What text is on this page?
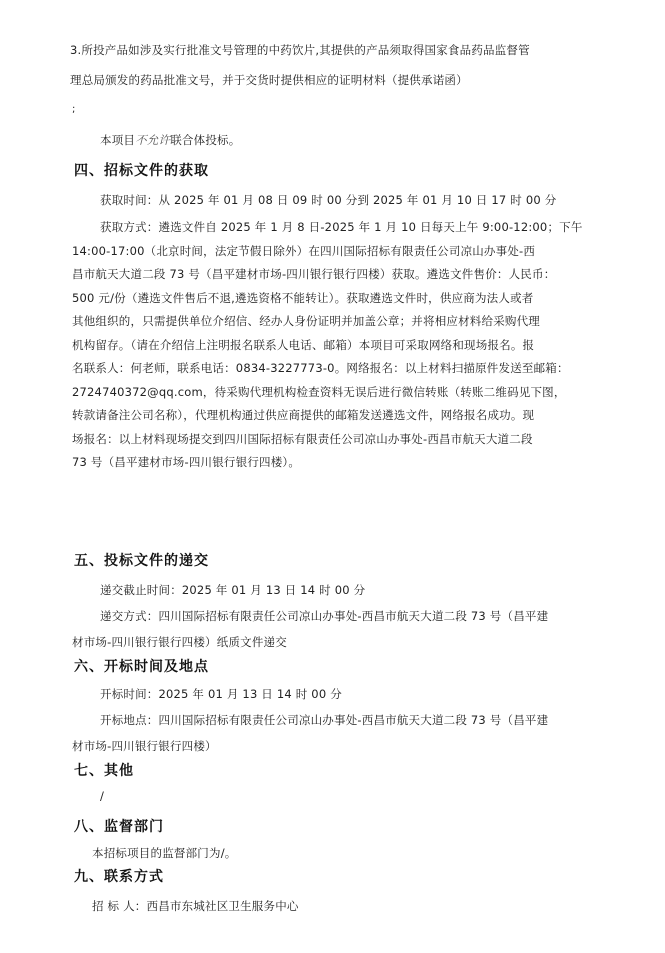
3.所投产品如涉及实行批准文号管理的中药饮片,其提供的产品须取得国家食品药品监督管

理总局颁发的药品批准文号，并于交货时提供相应的证明材料（提供承诺函）

;

本项目不允许联合体投标。

四、招标文件的获取

获取时间：从 2025 年 01 月 08 日 09 时 00 分到 2025 年 01 月 10 日 17 时 00 分

获取方式：遴选文件自 2025 年 1 月 8 日-2025 年 1 月 10 日每天上午 9:00-12:00；下午

14:00-17:00（北京时间，法定节假日除外）在四川国际招标有限责任公司凉山办事处-西

昌市航天大道二段 73 号（昌平建材市场-四川银行银行四楼）获取。遴选文件售价：人民币：

500 元/份（遴选文件售后不退,遴选资格不能转让）。获取遴选文件时，供应商为法人或者

其他组织的，只需提供单位介绍信、经办人身份证明并加盖公章；并将相应材料给采购代理

机构留存。（请在介绍信上注明报名联系人电话、邮箱）本项目可采取网络和现场报名。报

名联系人：何老师，联系电话：0834-3227773-0。网络报名：以上材料扫描原件发送至邮箱：

2724740372@qq.com，待采购代理机构检查资料无误后进行微信转账（转账二维码见下图，

转款请备注公司名称），代理机构通过供应商提供的邮箱发送遴选文件，网络报名成功。现

场报名：以上材料现场提交到四川国际招标有限责任公司凉山办事处-西昌市航天大道二段

73 号（昌平建材市场-四川银行银行四楼）。

五、投标文件的递交

递交截止时间：2025 年 01 月 13 日 14 时 00 分

递交方式：四川国际招标有限责任公司凉山办事处-西昌市航天大道二段 73 号（昌平建

材市场-四川银行银行四楼）纸质文件递交

六、开标时间及地点

开标时间：2025 年 01 月 13 日 14 时 00 分

开标地点：四川国际招标有限责任公司凉山办事处-西昌市航天大道二段 73 号（昌平建

材市场-四川银行银行四楼）

七、其他

/

八、监督部门

本招标项目的监督部门为/。

九、联系方式

招 标 人：西昌市东城社区卫生服务中心
